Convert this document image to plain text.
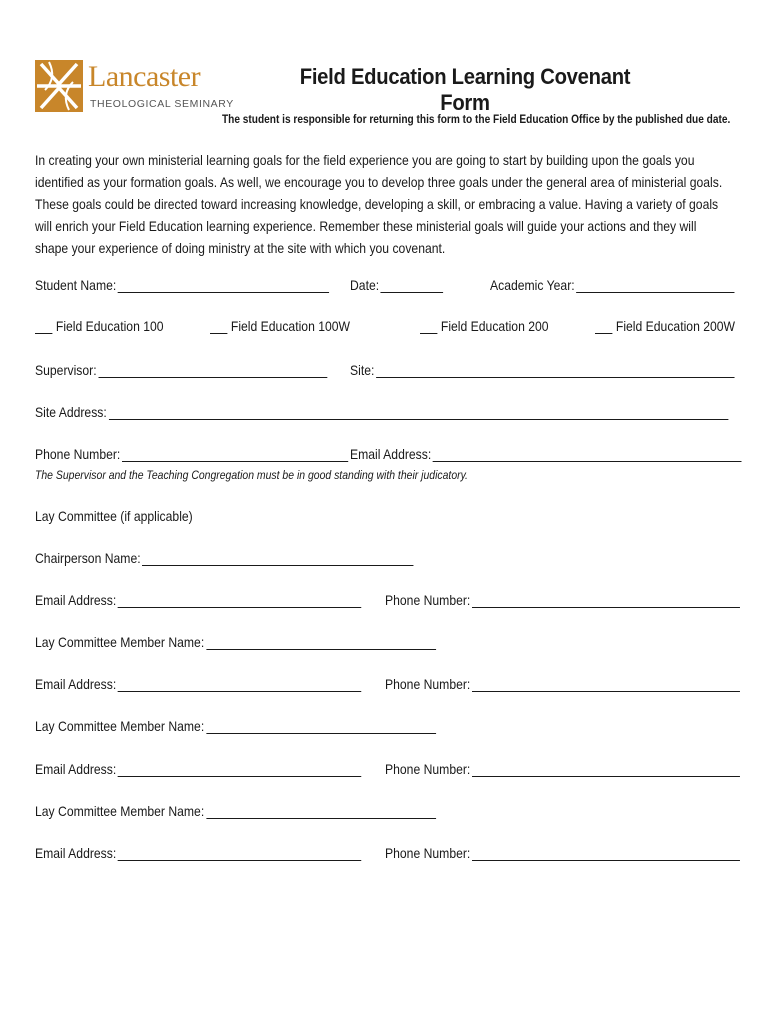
Lancaster
THEOLOGICAL SEMINARY
Field Education Learning Covenant Form
The student is responsible for returning this form to the Field Education Office by the published due date.
In creating your own ministerial learning goals for the field experience you are going to start by building upon the goals you identified as your formation goals. As well, we encourage you to develop three goals under the general area of ministerial goals. These goals could be directed toward increasing knowledge, developing a skill, or embracing a value. Having a variety of goals will enrich your Field Education learning experience. Remember these ministerial goals will guide your actions and they will shape your experience of doing ministry at the site with which you covenant.
Student Name:	Date:	Academic Year:
Field Education 100	Field Education 100W	Field Education 200	Field Education 200W
Supervisor:	Site:
Site Address:
Phone Number:	Email Address:
The Supervisor and the Teaching Congregation must be in good standing with their judicatory.
Lay Committee (if applicable)
Chairperson Name:
Email Address:	Phone Number:
Lay Committee Member Name:
Email Address:	Phone Number:
Lay Committee Member Name:
Email Address:	Phone Number:
Lay Committee Member Name:
Email Address:	Phone Number:
